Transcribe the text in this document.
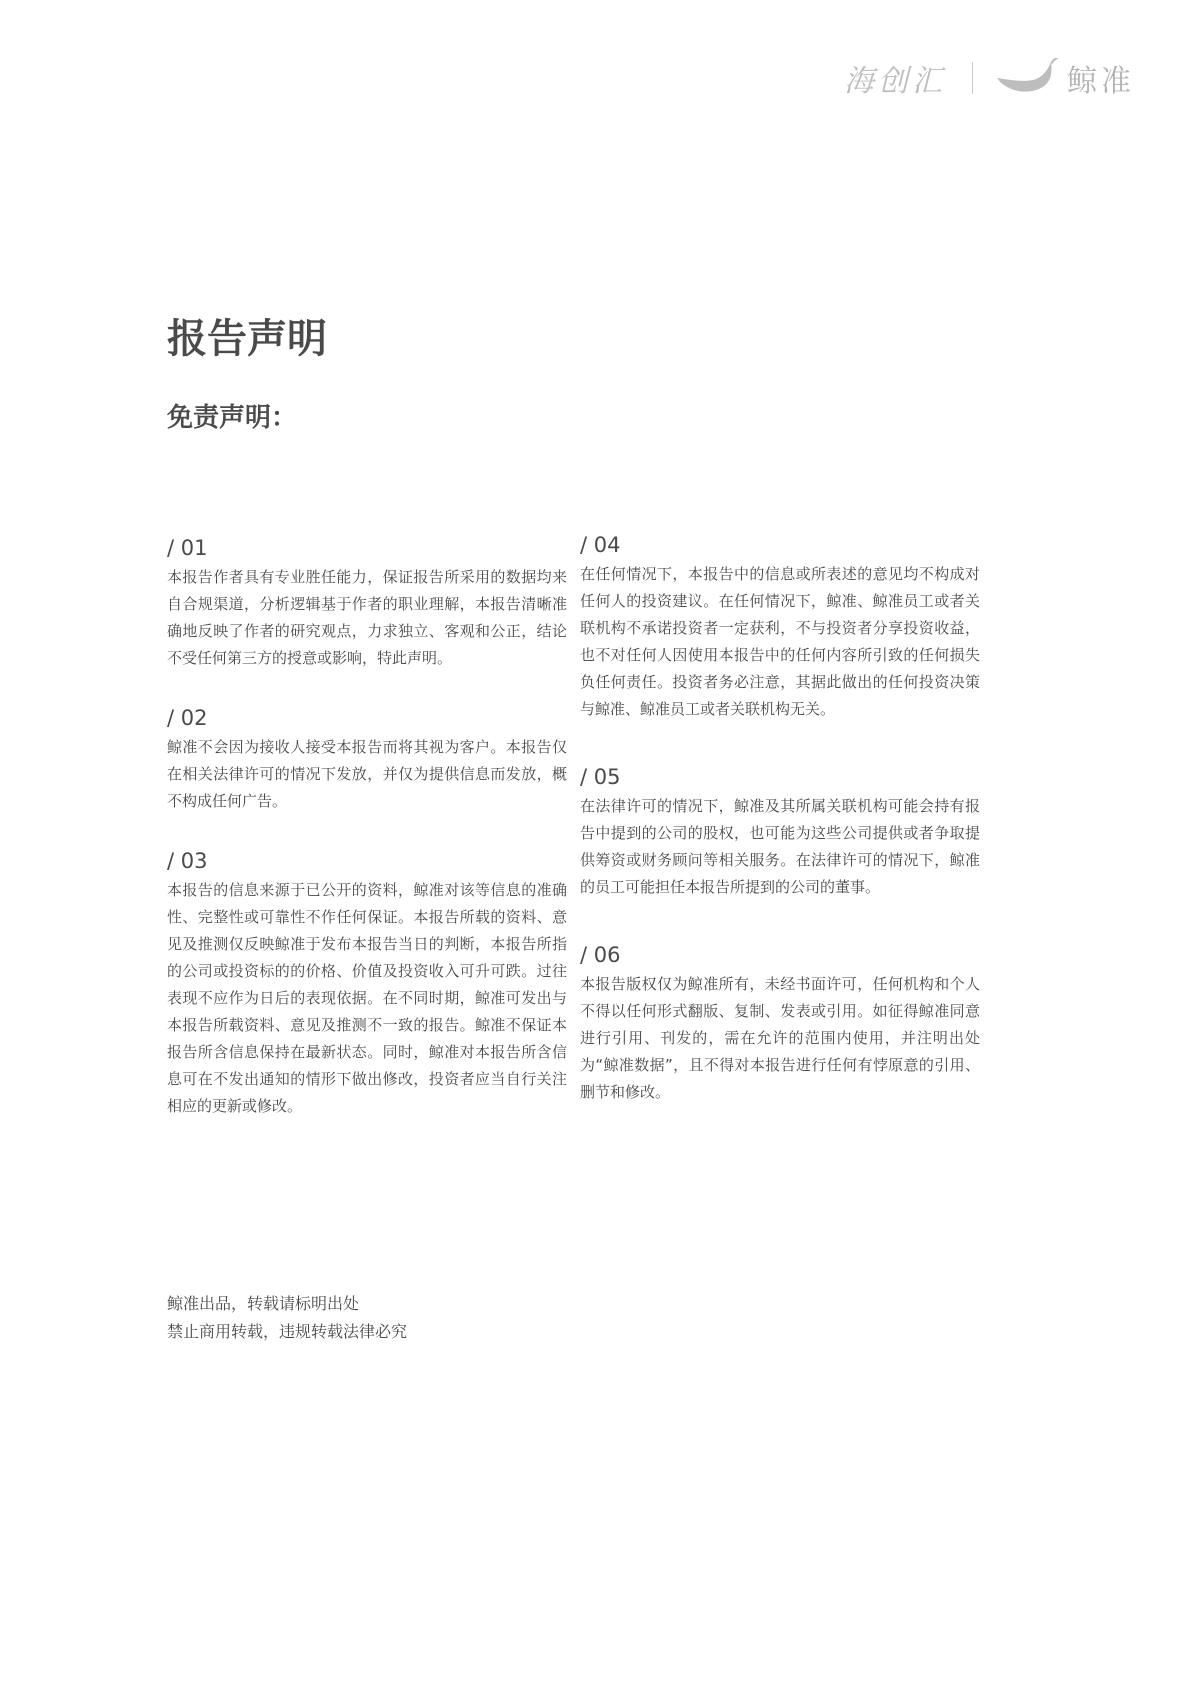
海创汇	鲸准
报告声明
免责声明：
/ 01

本报告作者具有专业胜任能力，保证报告所采用的数据均来自合规渠道，分析逻辑基于作者的职业理解，本报告清晰准确地反映了作者的研究观点，力求独立、客观和公正，结论不受任何第三方的授意或影响，特此声明。

/ 02

鲸准不会因为接收人接受本报告而将其视为客户。本报告仅在相关法律许可的情况下发放，并仅为提供信息而发放，概不构成任何广告。

/ 03

本报告的信息来源于已公开的资料，鲸准对该等信息的准确性、完整性或可靠性不作任何保证。本报告所载的资料、意见及推测仅反映鲸准于发布本报告当日的判断，本报告所指的公司或投资标的的价格、价值及投资收入可升可跌。过往表现不应作为日后的表现依据。在不同时期，鲸准可发出与本报告所载资料、意见及推测不一致的报告。鲸准不保证本报告所含信息保持在最新状态。同时，鲸准对本报告所含信息可在不发出通知的情形下做出修改，投资者应当自行关注相应的更新或修改。

/ 04

在任何情况下，本报告中的信息或所表述的意见均不构成对任何人的投资建议。在任何情况下，鲸准、鲸准员工或者关联机构不承诺投资者一定获利，不与投资者分享投资收益，也不对任何人因使用本报告中的任何内容所引致的任何损失负任何责任。投资者务必注意，其据此做出的任何投资决策与鲸准、鲸准员工或者关联机构无关。

/ 05

在法律许可的情况下，鲸准及其所属关联机构可能会持有报告中提到的公司的股权，也可能为这些公司提供或者争取提供筹资或财务顾问等相关服务。在法律许可的情况下，鲸准的员工可能担任本报告所提到的公司的董事。

/ 06

本报告版权仅为鲸准所有，未经书面许可，任何机构和个人不得以任何形式翻版、复制、发表或引用。如征得鲸准同意进行引用、刊发的，需在允许的范围内使用，并注明出处为“鲸准数据”，且不得对本报告进行任何有悖原意的引用、删节和修改。

鲸准出品，转载请标明出处
禁止商用转载，违规转载法律必究
